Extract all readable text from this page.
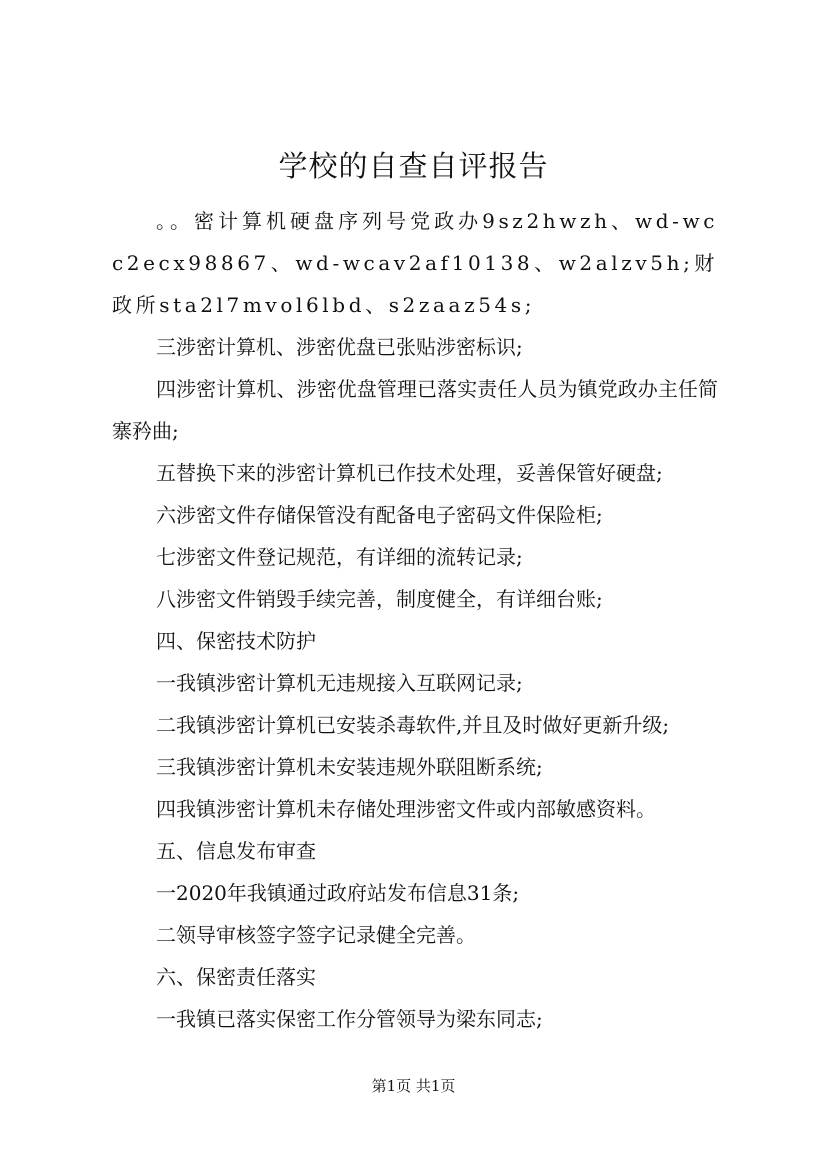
学校的自查自评报告

。。密计算机硬盘序列号党政办9sz2hwzh、wd-wcc2ecx98867、wd-wcav2af10138、w2alzv5h;财政所sta2l7mvol6lbd、s2zaaz54s;

三涉密计算机、涉密优盘已张贴涉密标识;

四涉密计算机、涉密优盘管理已落实责任人员为镇党政办主任简寨矜曲;

五替换下来的涉密计算机已作技术处理，妥善保管好硬盘;

六涉密文件存储保管没有配备电子密码文件保险柜;

七涉密文件登记规范，有详细的流转记录;

八涉密文件销毁手续完善，制度健全，有详细台账;

四、保密技术防护

一我镇涉密计算机无违规接入互联网记录;

二我镇涉密计算机已安装杀毒软件,并且及时做好更新升级;

三我镇涉密计算机未安装违规外联阻断系统;

四我镇涉密计算机未存储处理涉密文件或内部敏感资料。

五、信息发布审查

一2020年我镇通过政府站发布信息31条;

二领导审核签字签字记录健全完善。

六、保密责任落实

一我镇已落实保密工作分管领导为梁东同志;

第1页 共1页
